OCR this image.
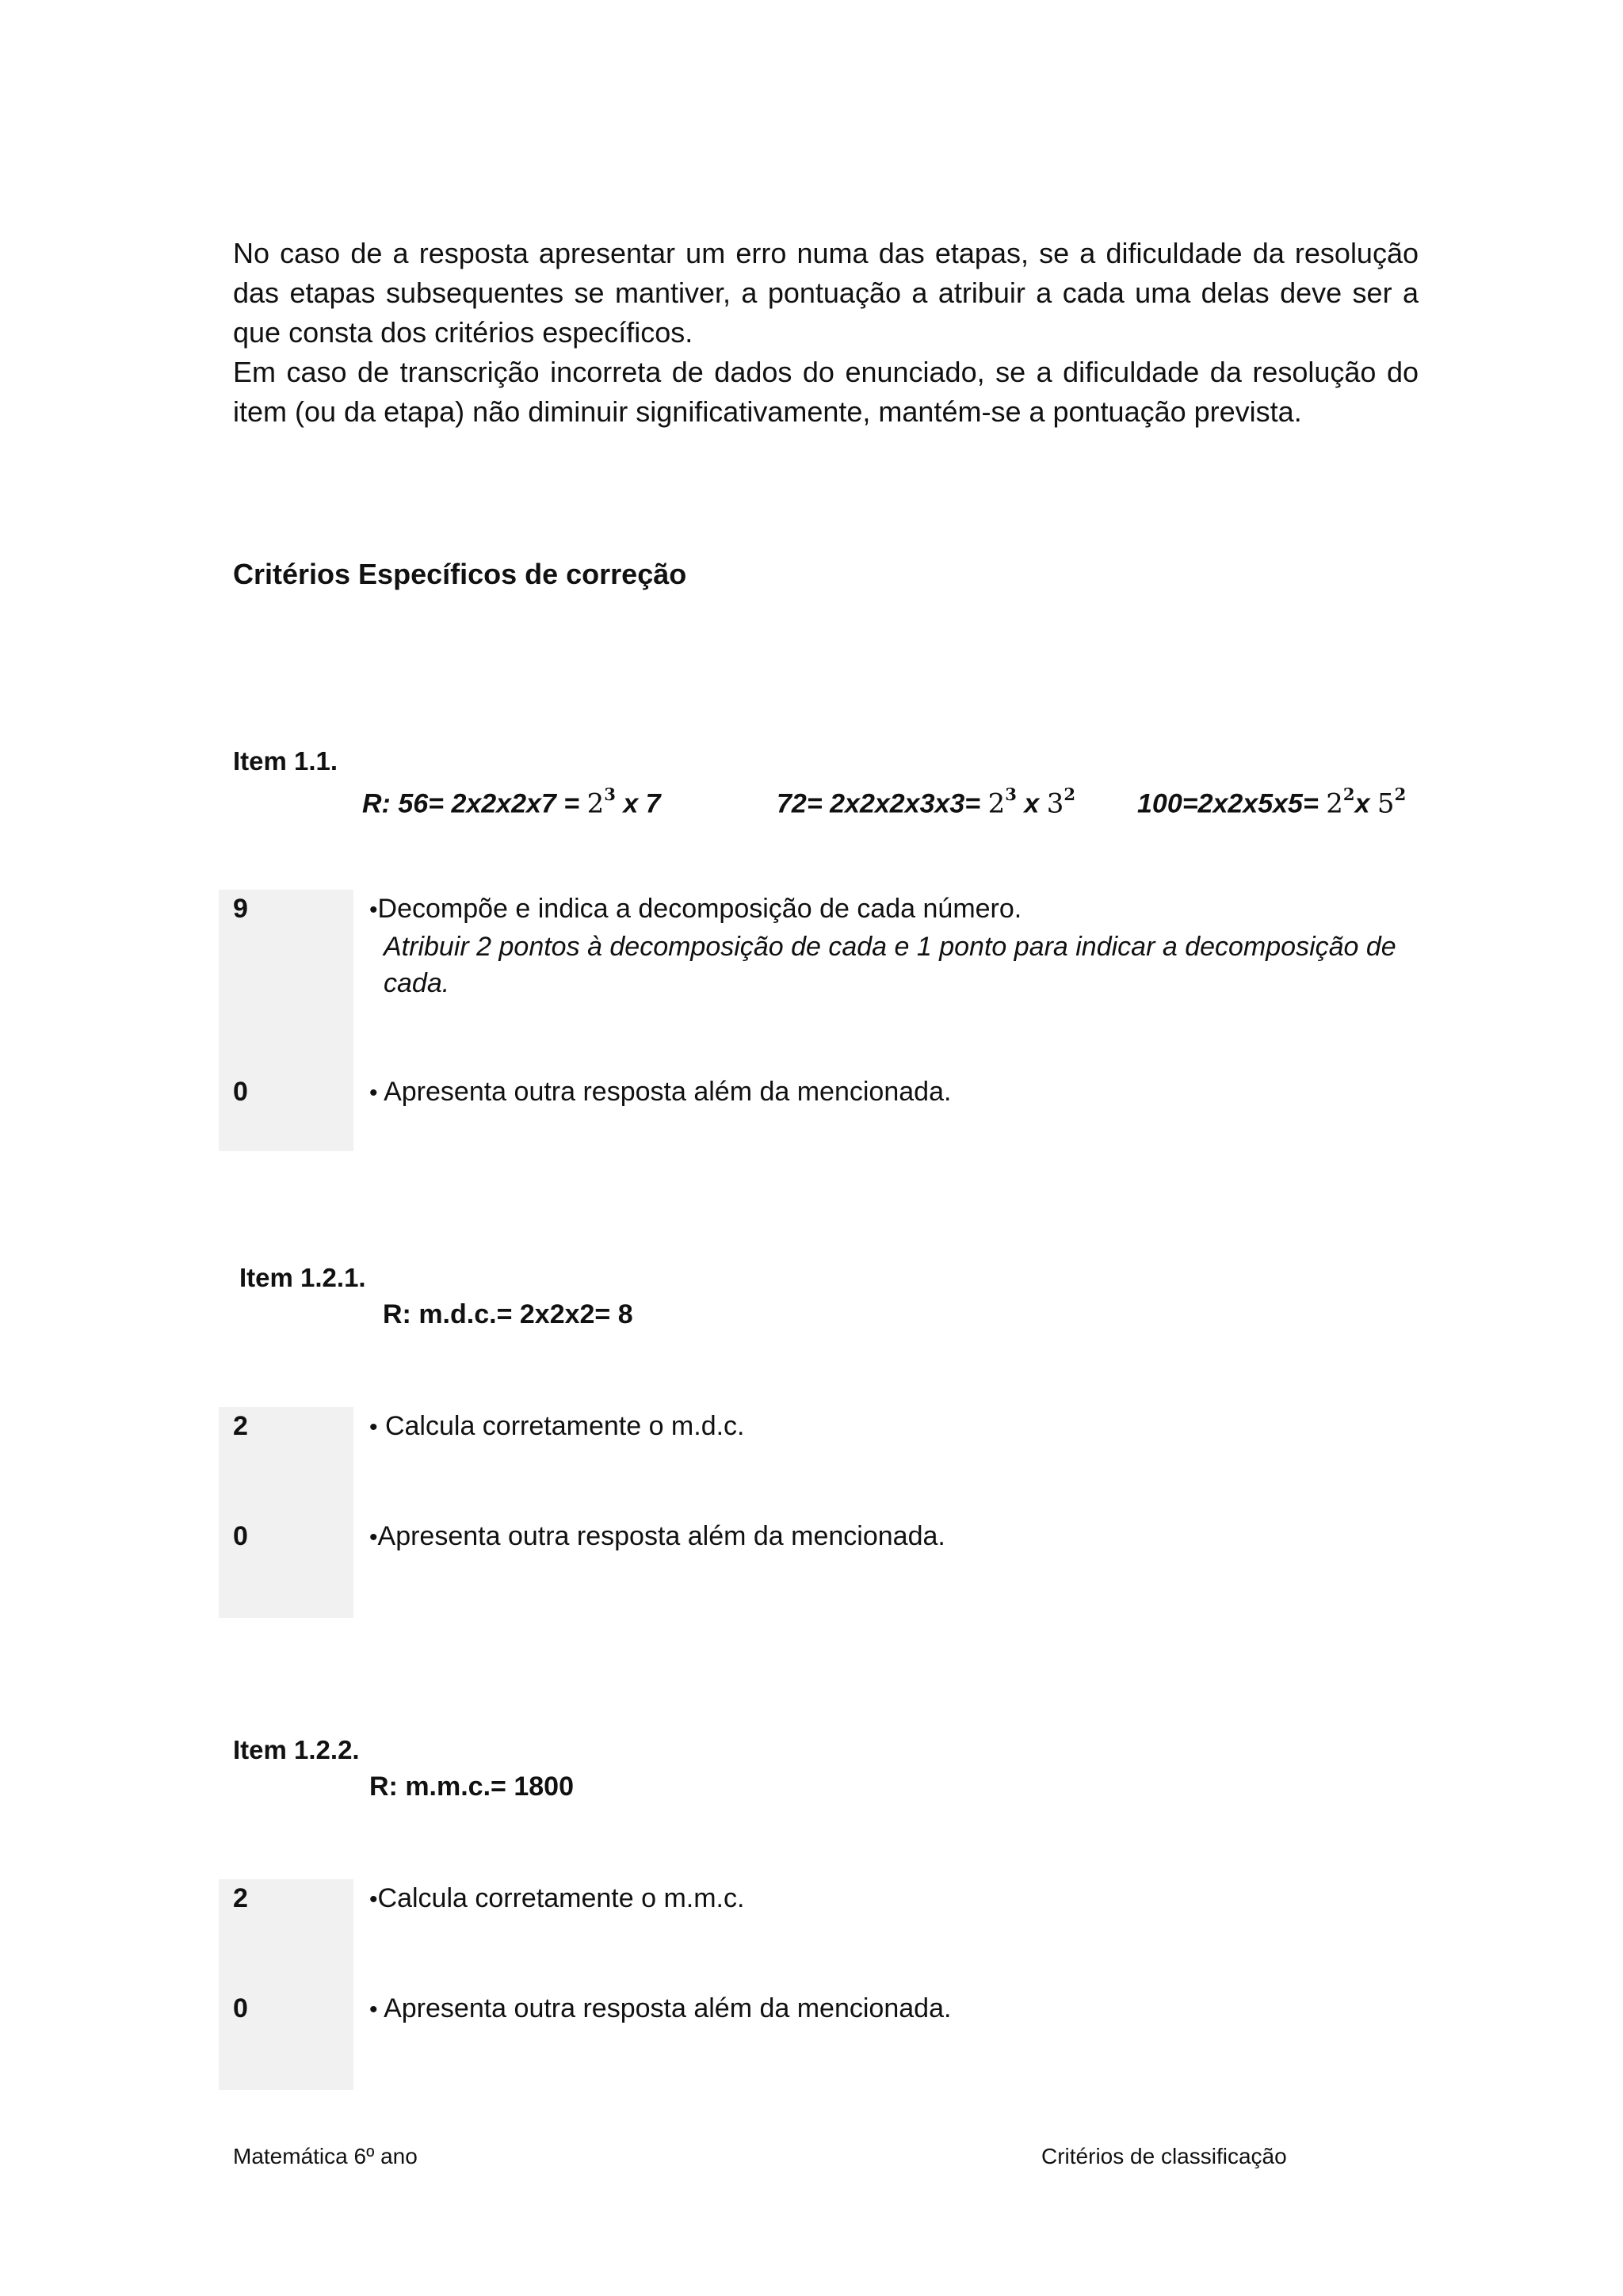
No caso de a resposta apresentar um erro numa das etapas, se a dificuldade da resolução das etapas subsequentes se mantiver, a pontuação a atribuir a cada uma delas deve ser a que consta dos critérios específicos.

Em caso de transcrição incorreta de dados do enunciado, se a dificuldade da resolução do item (ou da etapa) não diminuir significativamente, mantém-se a pontuação prevista.

Critérios Específicos de correção
Item 1.1.
R: $56= 2x2x2x7 = 2^3$ x 7	$72= 2x2x2x3x3= 2^3$ x $3^2$ $100=2x2x5x5= 2^2x$ $5^2$
9	•Decompõe e indica a decomposição de cada número.
Atribuir 2 pontos à decomposição de cada e 1 ponto para indicar a decomposição de cada.
0	• Apresenta outra resposta além da mencionada.
Item 1.2.1.
R: m.d.c.= 2x2x2= 8
2	• Calcula corretamente o m.d.c.
0	•Apresenta outra resposta além da mencionada.
Item 1.2.2.
R: m.m.c.= 1800
2	•Calcula corretamente o m.m.c.
0	• Apresenta outra resposta além da mencionada.
Matemática 6º ano	Critérios de classificação
